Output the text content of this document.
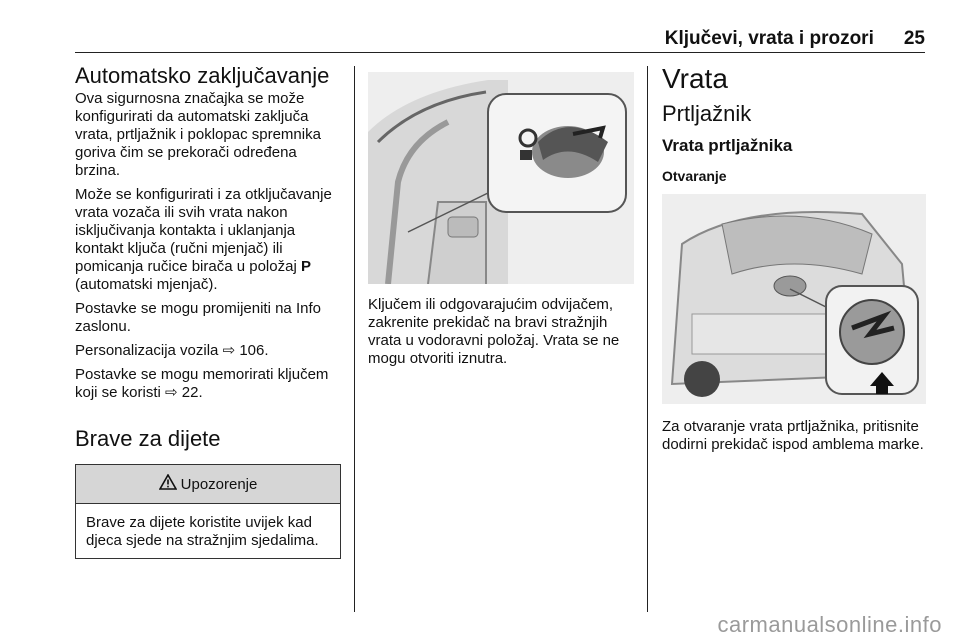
Ključevi, vrata i prozori 25
Automatsko zaključavanje

Ova sigurnosna značajka se može konfigurirati da automatski zaključa vrata, prtljažnik i poklopac spremnika goriva čim se prekorači određena brzina.

Može se konfigurirati i za otključavanje vrata vozača ili svih vrata nakon isključivanja kontakta i uklanjanja kontakt ključa (ručni mjenjač) ili pomicanja ručice birača u položaj P (automatski mjenjač).

Postavke se mogu promijeniti na Info zaslonu.

Personalizacija vozila ⇨ 106.

Postavke se mogu memorirati ključem koji se koristi ⇨ 22.

Brave za dijete
Upozorenje

Brave za dijete koristite uvijek kad djeca sjede na stražnjim sjedalima.

Ključem ili odgovarajućim odvijačem, zakrenite prekidač na bravi stražnjih vrata u vodoravni položaj. Vrata se ne mogu otvoriti iznutra.

Vrata
Prtljažnik
Vrata prtljažnika
Otvaranje

Za otvaranje vrata prtljažnika, pritisnite dodirni prekidač ispod amblema marke.

carmanualsonline.info
